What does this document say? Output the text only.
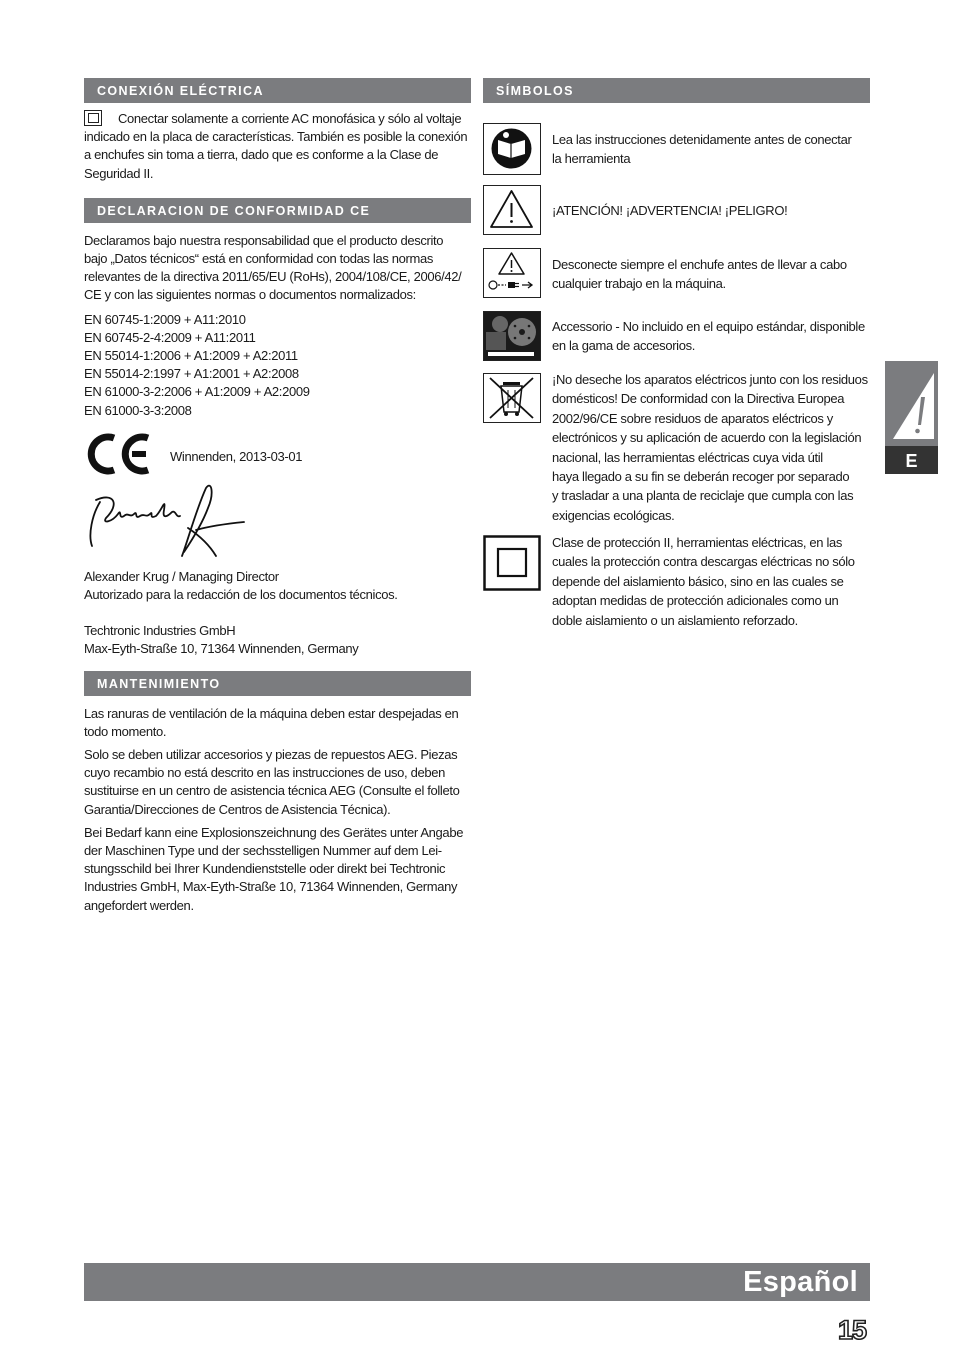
CONEXIÓN ELÉCTRICA
Conectar solamente a corriente AC monofásica y sólo al voltaje
indicado en la placa de características. También es posible la conexión
a enchufes sin toma a tierra, dado que es conforme a la Clase de
Seguridad II.
DECLARACION DE CONFORMIDAD CE
Declaramos bajo nuestra responsabilidad que el producto descrito
bajo „Datos técnicos“ está en conformidad con todas las normas
relevantes de la directiva 2011/65/EU (RoHs), 2004/108/CE, 2006/42/
CE y con las siguientes normas o documentos normalizados:
EN 60745-1:2009 + A11:2010
EN 60745-2-4:2009 + A11:2011
EN 55014-1:2006 + A1:2009 + A2:2011
EN 55014-2:1997 + A1:2001 + A2:2008
EN 61000-3-2:2006 + A1:2009 + A2:2009
EN 61000-3-3:2008
Winnenden, 2013-03-01
Alexander Krug / Managing Director
Autorizado para la redacción de los documentos técnicos.
Techtronic Industries GmbH
Max-Eyth-Straße 10, 71364 Winnenden, Germany
MANTENIMIENTO
Las ranuras de ventilación de la máquina deben estar despejadas en
todo momento.
Solo se deben utilizar accesorios y piezas de repuestos AEG. Piezas
cuyo recambio no está descrito en las instrucciones de uso, deben
sustituirse en un centro de asistencia técnica AEG (Consulte el folleto
Garantia/Direcciones de Centros de Asistencia Técnica).
Bei Bedarf kann eine Explosionszeichnung des Gerätes unter Angabe
der Maschinen Type und der sechsstelligen Nummer auf dem Lei-
stungsschild bei Ihrer Kundendienststelle oder direkt bei Techtronic
Industries GmbH, Max-Eyth-Straße 10, 71364 Winnenden, Germany
angefordert werden.
SÍMBOLOS
Lea las instrucciones detenidamente antes de conectar
la herramienta
¡ATENCIÓN! ¡ADVERTENCIA! ¡PELIGRO!
Desconecte siempre el enchufe antes de llevar a cabo
cualquier trabajo en la máquina.
Accessorio - No incluido en el equipo estándar, disponible
en la gama de accesorios.
¡No deseche los aparatos eléctricos junto con los residuos
domésticos! De conformidad con la Directiva Europea
2002/96/CE sobre residuos de aparatos eléctricos y
electrónicos y su aplicación de acuerdo con la legislación
nacional, las herramientas eléctricas cuya vida útil
haya llegado a su fin se deberán recoger por separado
y trasladar a una planta de reciclaje que cumpla con las
exigencias ecológicas.
Clase de protección II, herramientas eléctricas, en las
cuales la protección contra descargas eléctricas no sólo
depende del aislamiento básico, sino en las cuales se
adoptan medidas de protección adicionales como un
doble aislamiento o un aislamiento reforzado.
E
Español
15
